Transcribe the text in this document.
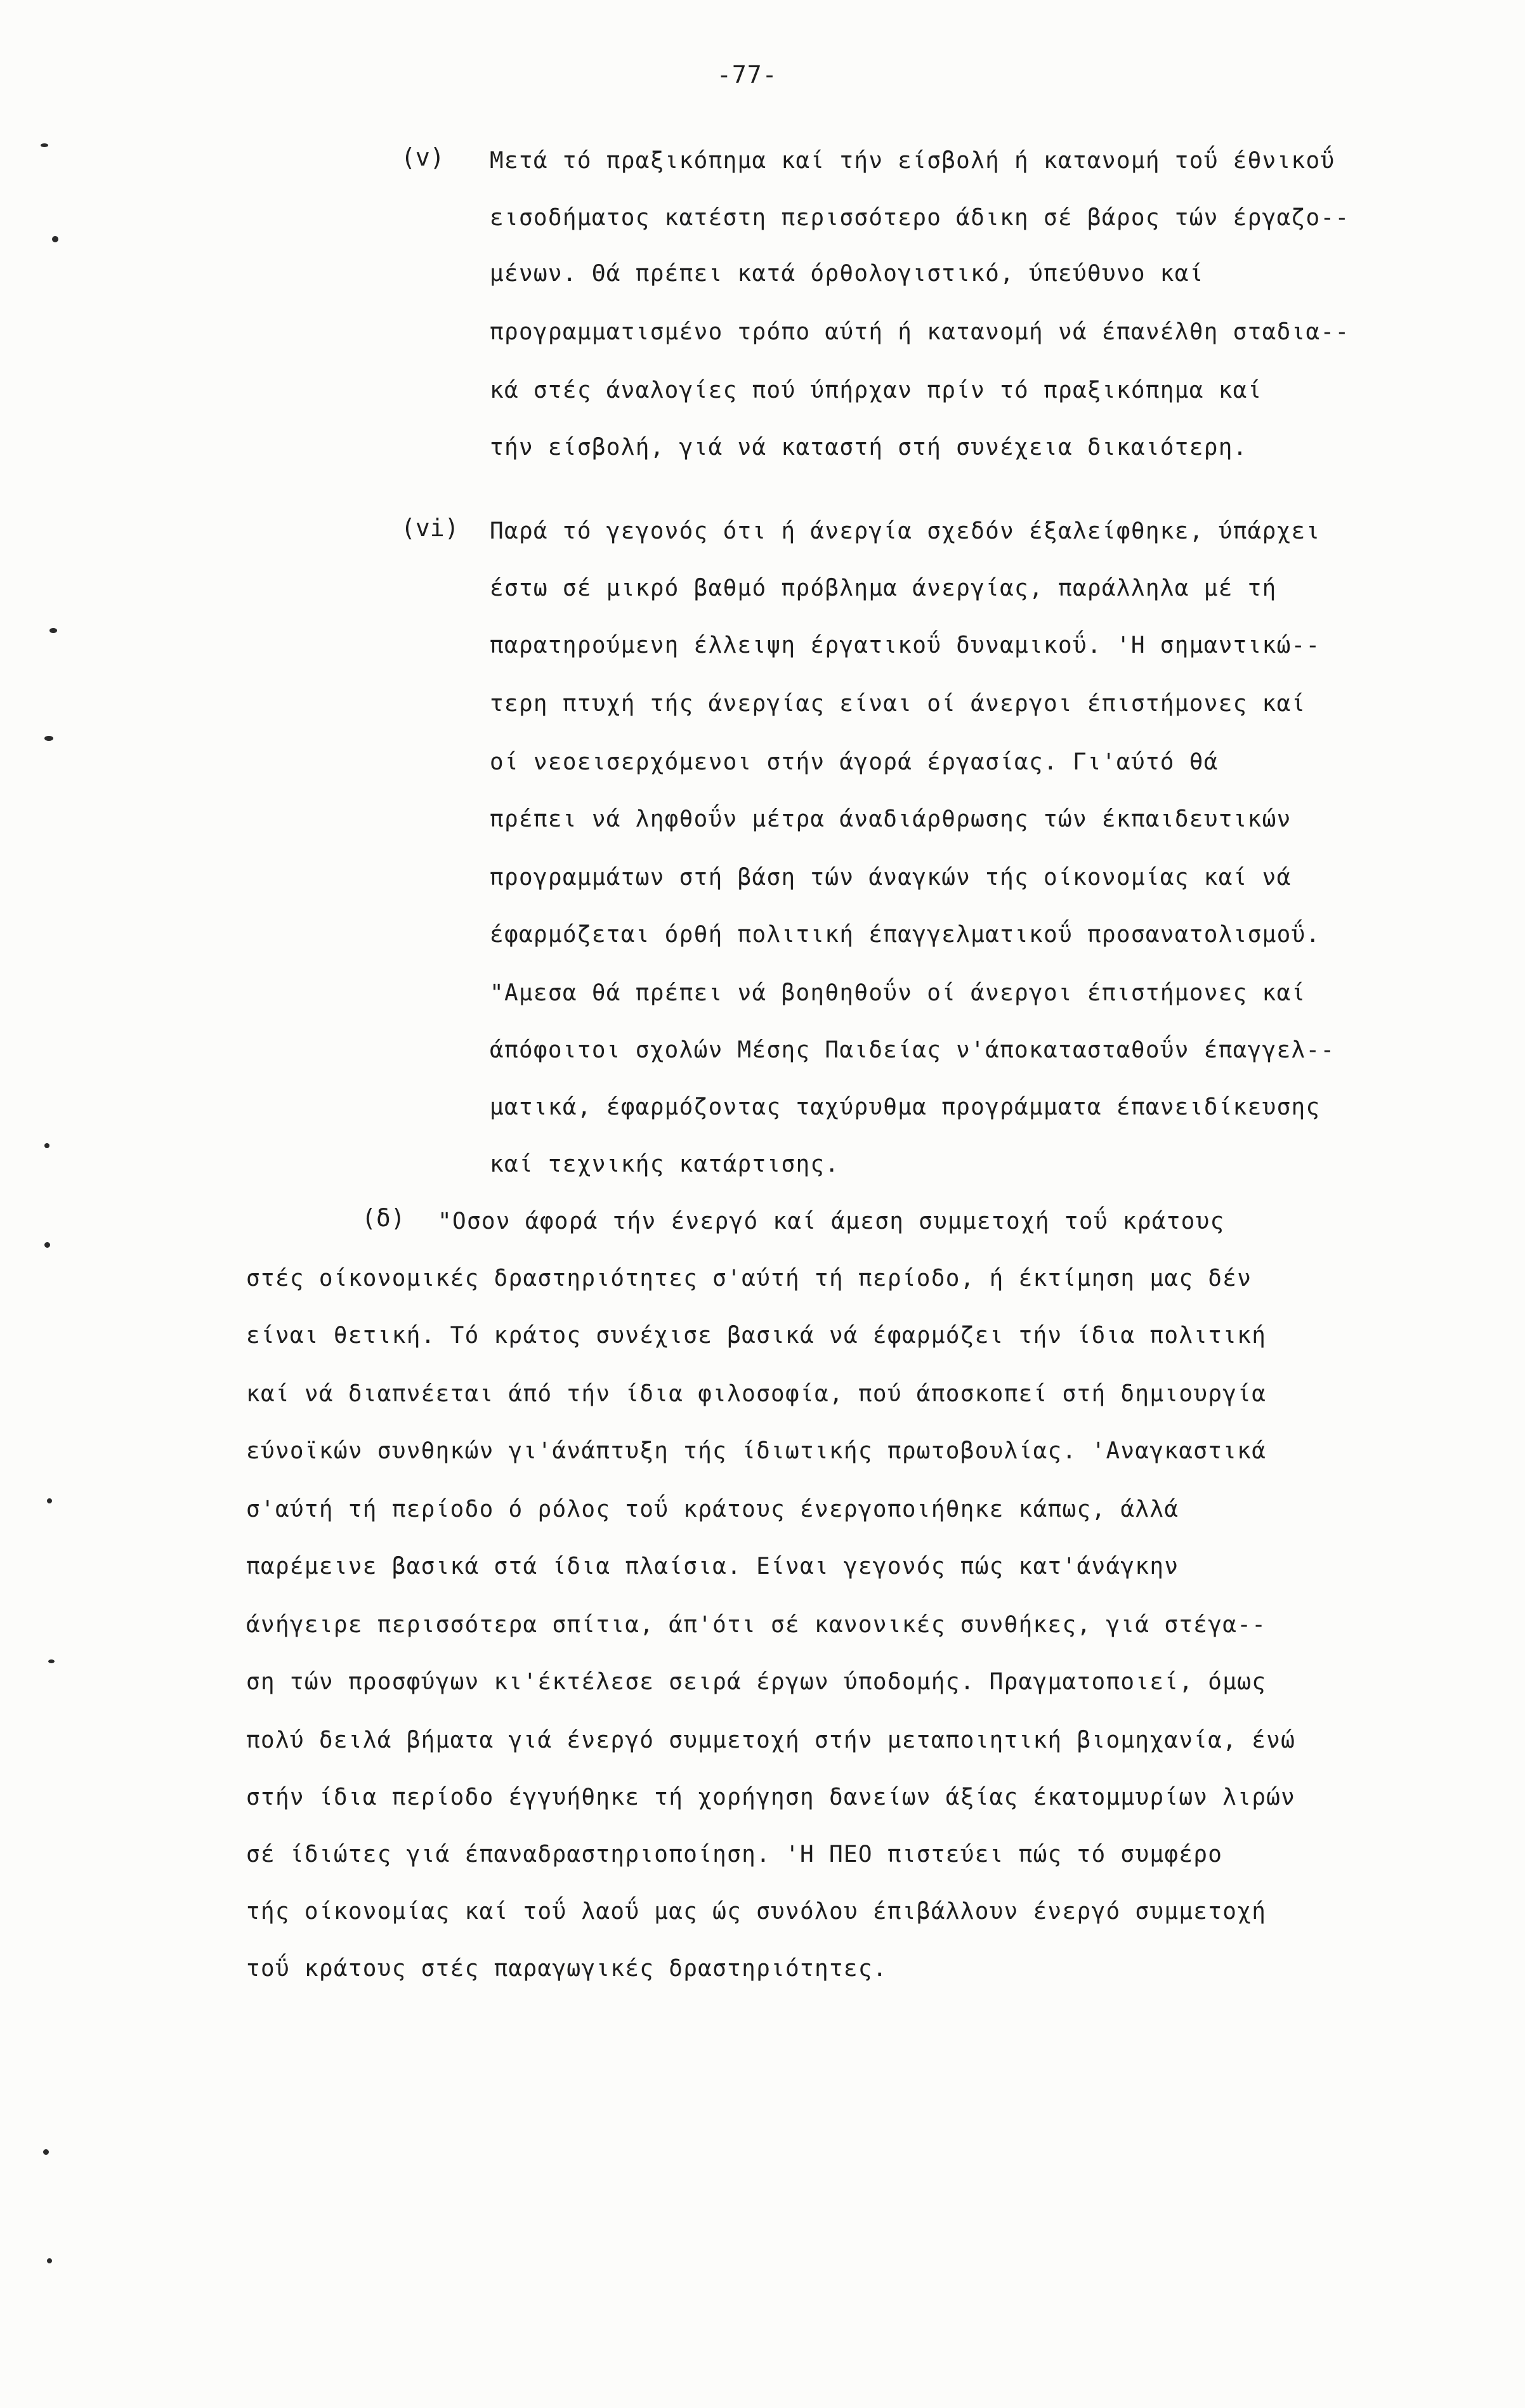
-77-
(v) Μετά τό πραξικόπημα καί τήν είσβολή ή κατανομή τοΰ έθνικοΰ
εισοδήματος κατέστη περισσότερο άδικη σέ βάρος τών έργαζο--
μένων. Θά πρέπει κατά όρθολογιστικό, ύπεύθυνο καί
προγραμματισμένο τρόπο αύτή ή κατανομή νά έπανέλθη σταδια--
κά στές άναλογίες πού ύπήρχαν πρίν τό πραξικόπημα καί
τήν είσβολή, γιά νά καταστή στή συνέχεια δικαιότερη.
(vi) Παρά τό γεγονός ότι ή άνεργία σχεδόν έξαλείφθηκε, ύπάρχει
έστω σέ μικρό βαθμό πρόβλημα άνεργίας, παράλληλα μέ τή
παρατηρούμενη έλλειψη έργατικοΰ δυναμικοΰ. 'Η σημαντικώ--
τερη πτυχή τής άνεργίας είναι οί άνεργοι έπιστήμονες καί
οί νεοεισερχόμενοι στήν άγορά έργασίας. Γι'αύτό θά
πρέπει νά ληφθοΰν μέτρα άναδιάρθρωσης τών έκπαιδευτικών
προγραμμάτων στή βάση τών άναγκών τής οίκονομίας καί νά
έφαρμόζεται όρθή πολιτική έπαγγελματικοΰ προσανατολισμοΰ.
"Αμεσα θά πρέπει νά βοηθηθοΰν οί άνεργοι έπιστήμονες καί
άπόφοιτοι σχολών Μέσης Παιδείας ν'άποκατασταθοΰν έπαγγελ--
ματικά, έφαρμόζοντας ταχύρυθμα προγράμματα έπανειδίκευσης
καί τεχνικής κατάρτισης.
(δ) "Οσον άφορά τήν ένεργό καί άμεση συμμετοχή τοΰ κράτους
στές οίκονομικές δραστηριότητες σ'αύτή τή περίοδο, ή έκτίμηση μας δέν
είναι θετική. Τό κράτος συνέχισε βασικά νά έφαρμόζει τήν ίδια πολιτική
καί νά διαπνέεται άπό τήν ίδια φιλοσοφία, πού άποσκοπεί στή δημιουργία
εύνοϊκών συνθηκών γι'άνάπτυξη τής ίδιωτικής πρωτοβουλίας. 'Αναγκαστικά
σ'αύτή τή περίοδο ό ρόλος τοΰ κράτους ένεργοποιήθηκε κάπως, άλλά
παρέμεινε βασικά στά ίδια πλαίσια. Είναι γεγονός πώς κατ'άνάγκην
άνήγειρε περισσότερα σπίτια, άπ'ότι σέ κανονικές συνθήκες, γιά στέγα--
ση τών προσφύγων κι'έκτέλεσε σειρά έργων ύποδομής. Πραγματοποιεί, όμως
πολύ δειλά βήματα γιά ένεργό συμμετοχή στήν μεταποιητική βιομηχανία, ένώ
στήν ίδια περίοδο έγγυήθηκε τή χορήγηση δανείων άξίας έκατομμυρίων λιρών
σέ ίδιώτες γιά έπαναδραστηριοποίηση. 'Η ΠΕΟ πιστεύει πώς τό συμφέρο
τής οίκονομίας καί τοΰ λαοΰ μας ώς συνόλου έπιβάλλουν ένεργό συμμετοχή
τοΰ κράτους στές παραγωγικές δραστηριότητες.
